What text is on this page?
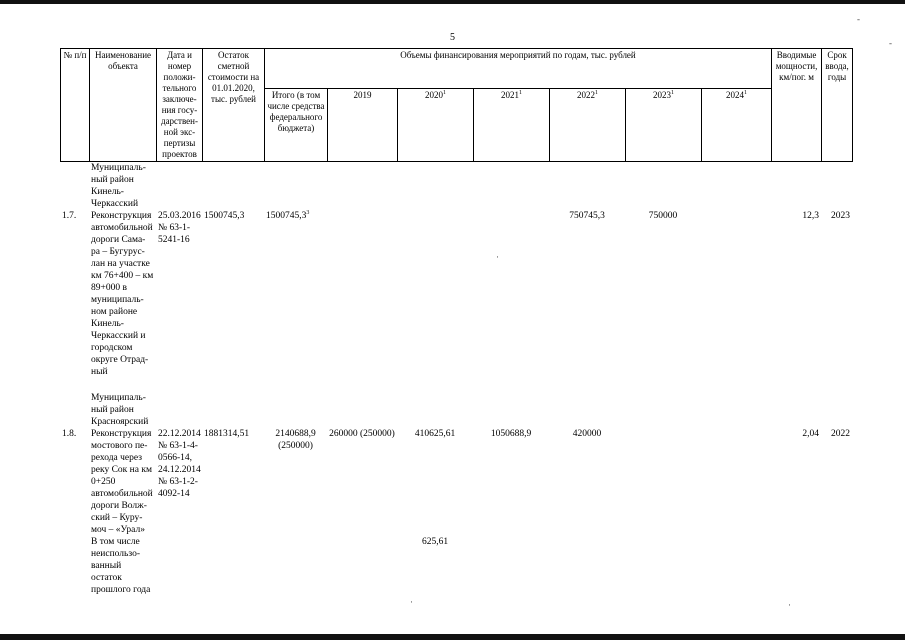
5
-
-
№ п/п	Наименование объекта	Дата и номер положи-тельного заключе-ния госу-дарствен-ной экс-пертизы проектов	Остаток сметной стоимости на 01.01.2020, тыс. рублей	Объемы финансирования мероприятий по годам, тыс. рублей							Вводимые мощности, км/пог. м	Срок ввода, годы
				Итого (в том числе средства федерального бюджета)	2019	2020$^1$	2021$^1$	2022$^1$	2023$^1$	2024$^1$
	Муниципаль-ный район Кинель-Черкасский											
1.7.	Реконструкция автомобильной дороги Сама-ра – Бугурус-лан на участке км 76+400 – км 89+000 в муниципаль-ном районе Кинель-Черкасский и городском округе Отрад-ный	25.03.2016 № 63-1-5241-16	1500745,3	1500745,3$^3$				750745,3	750000		12,3	2023

	Муниципаль-ный район Красноярский											
1.8.	Реконструкция мостового пе-рехода через реку Сок на км 0+250 автомобильной дороги Волж-ский – Куру-моч – «Урал»	22.12.2014 № 63-1-4-0566-14, 24.12.2014 № 63-1-2-4092-14	1881314,51	2140688,9 (250000)	260000 (250000)	410625,61	1050688,9	420000			2,04	2022
	В том числе неиспользо-ванный остаток прошлого года					625,61						
·
·	·
